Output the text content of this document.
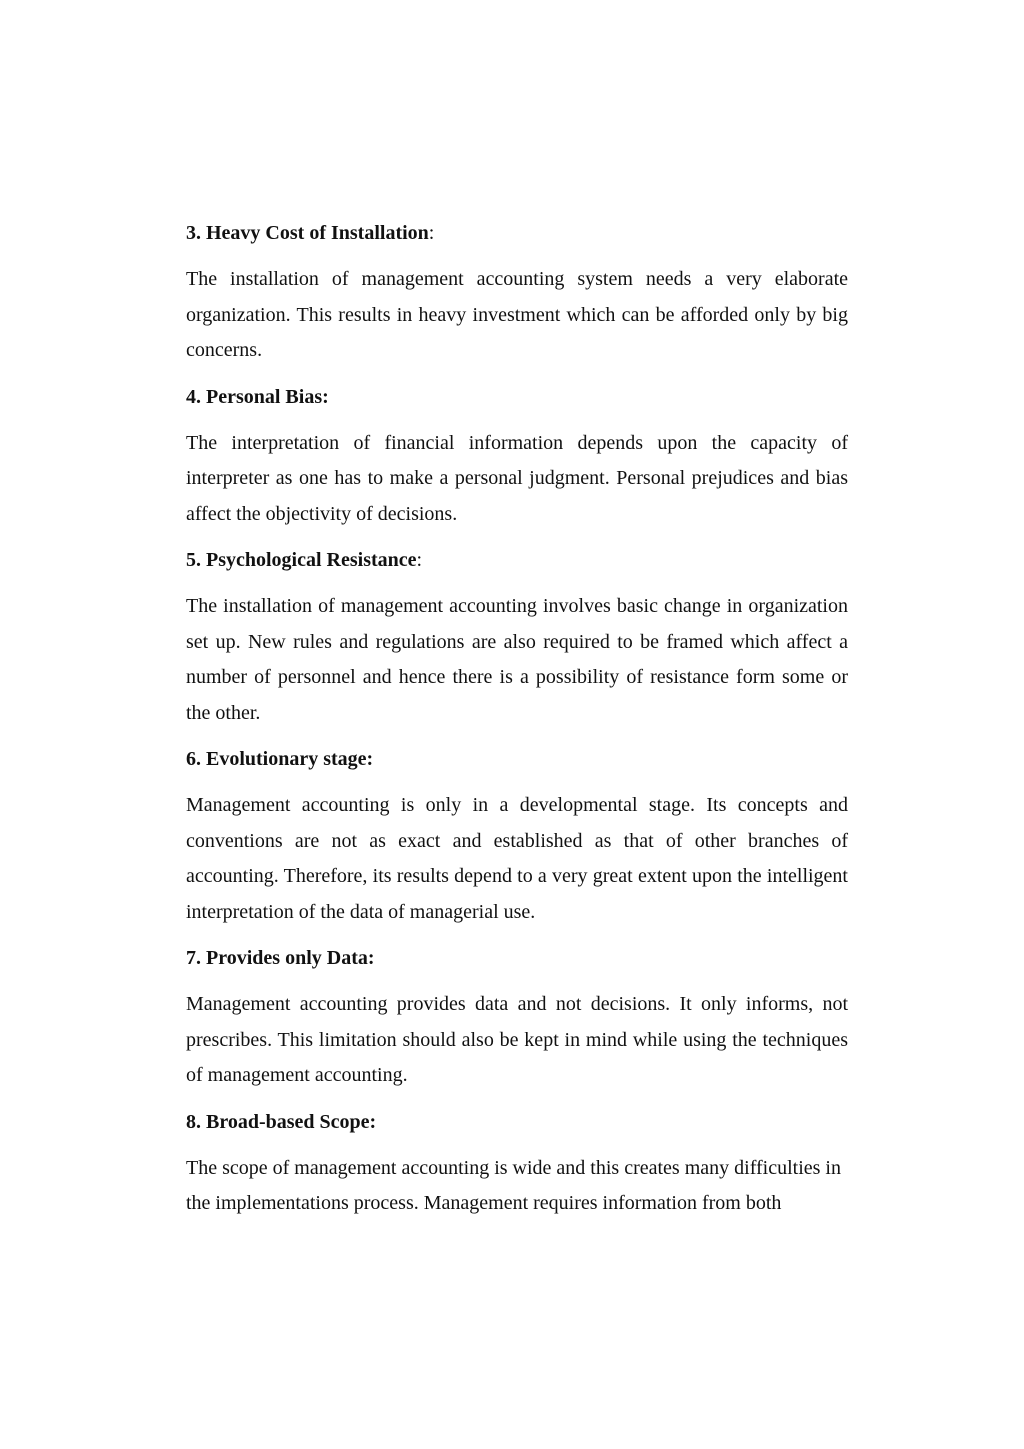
3. Heavy Cost of Installation:

The installation of management accounting system needs a very elaborate organization. This results in heavy investment which can be afforded only by big concerns.

4. Personal Bias:

The interpretation of financial information depends upon the capacity of interpreter as one has to make a personal judgment. Personal prejudices and bias affect the objectivity of decisions.

5. Psychological Resistance:

The installation of management accounting involves basic change in organization set up. New rules and regulations are also required to be framed which affect a number of personnel and hence there is a possibility of resistance form some or the other.

6. Evolutionary stage:

Management accounting is only in a developmental stage. Its concepts and conventions are not as exact and established as that of other branches of accounting. Therefore, its results depend to a very great extent upon the intelligent interpretation of the data of managerial use.

7. Provides only Data:

Management accounting provides data and not decisions. It only informs, not prescribes. This limitation should also be kept in mind while using the techniques of management accounting.

8. Broad-based Scope:

The scope of management accounting is wide and this creates many difficulties in the implementations process. Management requires information from both
